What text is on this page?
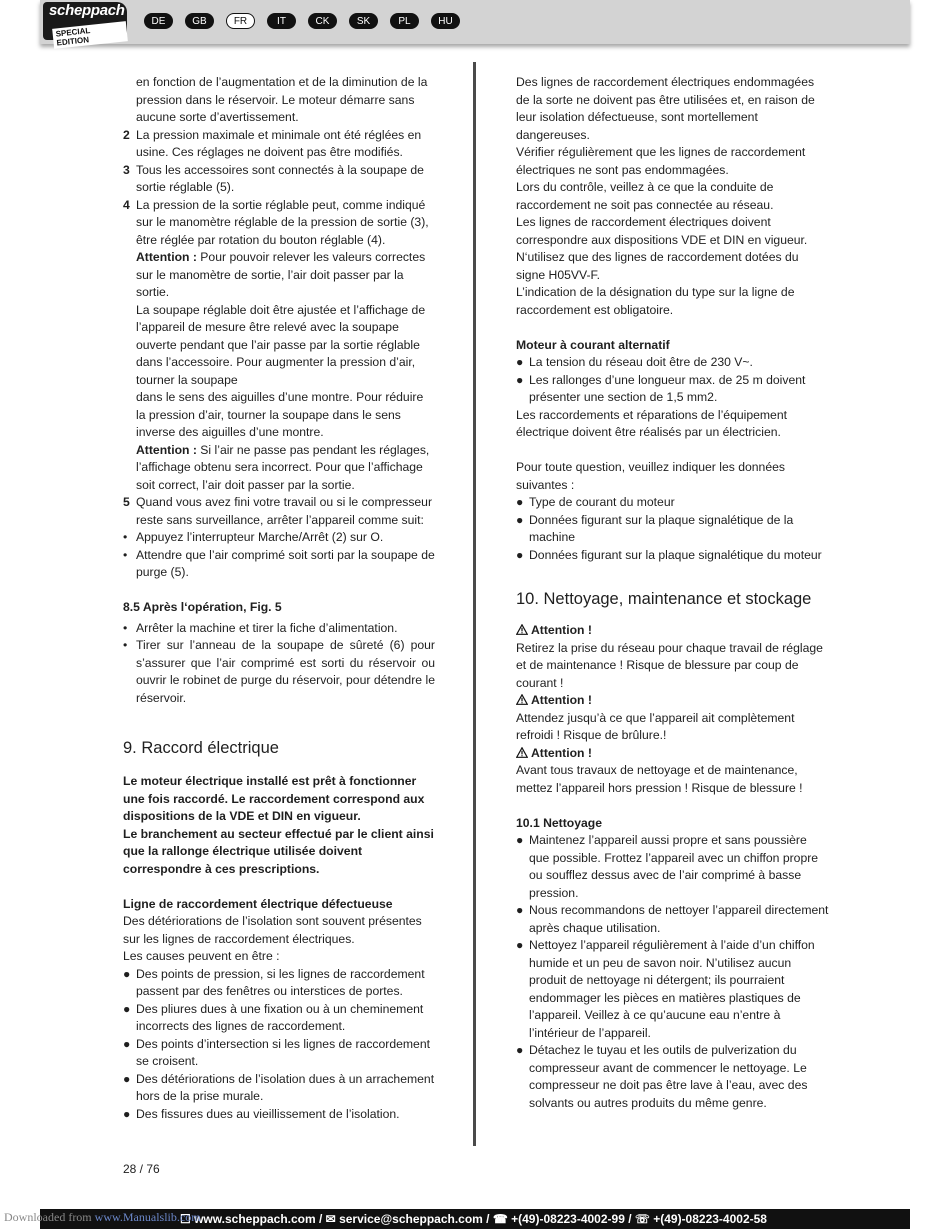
scheppach
SPECIAL EDITION
DE	GB	FR	IT	CK	SK	PL	HU

en fonction de l’augmentation et de la diminution de la pression dans le réservoir. Le moteur démarre sans aucune sorte d’avertissement.

2 La pression maximale et minimale ont été réglées en usine. Ces réglages ne doivent pas être modifiés.
3 Tous les accessoires sont connectés à la soupape de sortie réglable (5).
4 La pression de la sortie réglable peut, comme indiqué sur le manomètre réglable de la pression de sortie (3), être réglée par rotation du bouton réglable (4).

Attention : Pour pouvoir relever les valeurs correctes sur le manomètre de sortie, l’air doit passer par la sortie.

La soupape réglable doit être ajustée et l’affichage de l’appareil de mesure être relevé avec la soupape ouverte pendant que l’air passe par la sortie réglable dans l’accessoire. Pour augmenter la pression d’air, tourner la soupape

dans le sens des aiguilles d’une montre. Pour réduire la pression d’air, tourner la soupape dans le sens inverse des aiguilles d’une montre.

Attention : Si l’air ne passe pas pendant les réglages, l’affichage obtenu sera incorrect. Pour que l’affichage soit correct, l’air doit passer par la sortie.

5 Quand vous avez fini votre travail ou si le compresseur reste sans surveillance, arrêter l’appareil comme suit:
• Appuyez l’interrupteur Marche/Arrêt (2) sur O.
• Attendre que l’air comprimé soit sorti par la soupape de purge (5).

8.5 Après l‘opération, Fig. 5

• Arrêter la machine et tirer la fiche d’alimentation.
• Tirer sur l’anneau de la soupape de sûreté (6) pour s’assurer que l’air comprimé est sorti du réservoir ou ouvrir le robinet de purge du réservoir, pour détendre le réservoir.

9. Raccord électrique

Le moteur électrique installé est prêt à fonctionner une fois raccordé. Le raccordement correspond aux dispositions de la VDE et DIN en vigueur.

Le branchement au secteur effectué par le client ainsi que la rallonge électrique utilisée doivent correspondre à ces prescriptions.

Ligne de raccordement électrique défectueuse

Des détériorations de l’isolation sont souvent présentes sur les lignes de raccordement électriques.

Les causes peuvent en être :

● Des points de pression, si les lignes de raccordement passent par des fenêtres ou interstices de portes.
● Des pliures dues à une fixation ou à un cheminement incorrects des lignes de raccordement.
● Des points d’intersection si les lignes de raccordement se croisent.
● Des détériorations de l’isolation dues à un arrachement hors de la prise murale.
● Des fissures dues au vieillissement de l’isolation.

Des lignes de raccordement électriques endommagées de la sorte ne doivent pas être utilisées et, en raison de leur isolation défectueuse, sont mortellement dangereuses.

Vérifier régulièrement que les lignes de raccordement électriques ne sont pas endommagées.

Lors du contrôle, veillez à ce que la conduite de raccordement ne soit pas connectée au réseau.

Les lignes de raccordement électriques doivent correspondre aux dispositions VDE et DIN en vigueur. N‘utilisez que des lignes de raccordement dotées du signe H05VV-F.

L’indication de la désignation du type sur la ligne de raccordement est obligatoire.

Moteur à courant alternatif

● La tension du réseau doit être de 230 V~.
● Les rallonges d’une longueur max. de 25 m doivent présenter une section de 1,5 mm2.

Les raccordements et réparations de l’équipement électrique doivent être réalisés par un électricien.

Pour toute question, veuillez indiquer les données suivantes :

● Type de courant du moteur
● Données figurant sur la plaque signalétique de la machine
● Données figurant sur la plaque signalétique du moteur

10. Nettoyage, maintenance et stockage

Attention !

Retirez la prise du réseau pour chaque travail de réglage et de maintenance ! Risque de blessure par coup de courant !

Attention !

Attendez jusqu’à ce que l’appareil ait complètement refroidi ! Risque de brûlure.!

Attention !

Avant tous travaux de nettoyage et de maintenance, mettez l’appareil hors pression ! Risque de blessure !

10.1 Nettoyage

● Maintenez l’appareil aussi propre et sans poussière que possible. Frottez l’appareil avec un chiffon propre ou soufflez dessus avec de l’air comprimé à basse pression.
● Nous recommandons de nettoyer l’appareil directement après chaque utilisation.
● Nettoyez l’appareil régulièrement à l’aide d’un chiffon humide et un peu de savon noir. N’utilisez aucun produit de nettoyage ni détergent; ils pourraient endommager les pièces en matières plastiques de l’appareil. Veillez à ce qu’aucune eau n’entre à l’intérieur de l’appareil.
● Détachez le tuyau et les outils de pulverization du compresseur avant de commencer le nettoyage. Le compresseur ne doit pas être lave à l’eau, avec des solvants ou autres produits du même genre.
28 / 76
☐ www.scheppach.com / ✉ service@scheppach.com / ☎ +(49)-08223-4002-99 / ☏ +(49)-08223-4002-58
Downloaded from www.Manualslib.com
